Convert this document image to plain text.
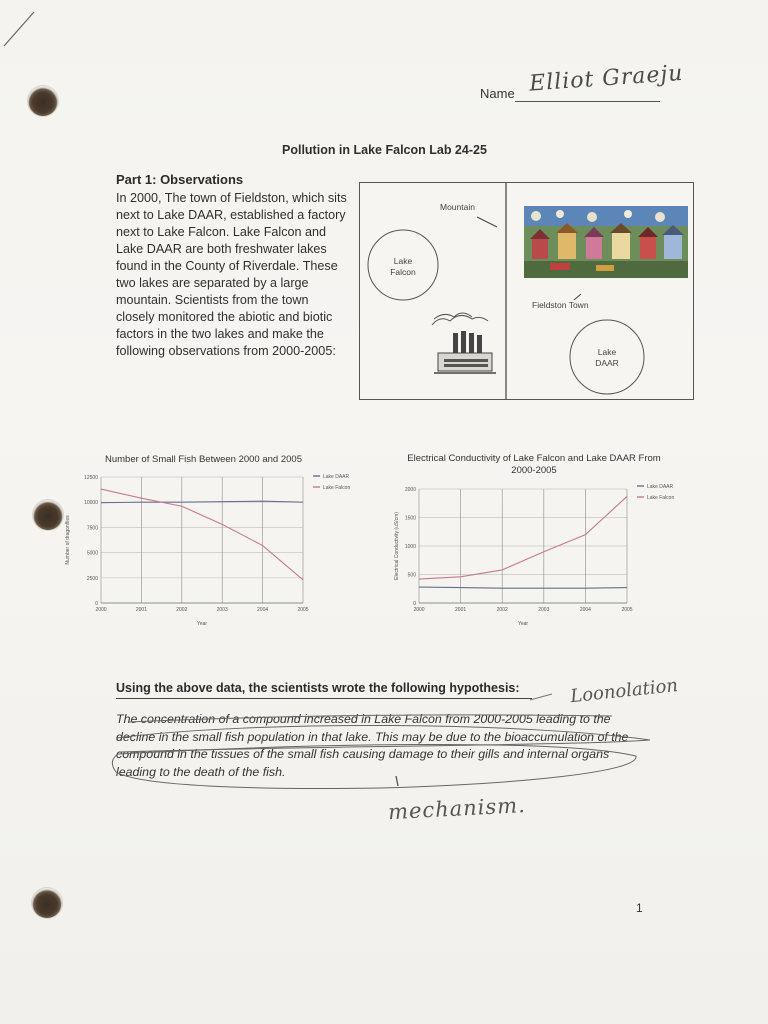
Name Elliot Graeju
Pollution in Lake Falcon Lab 24-25
Part 1: Observations
In 2000, The town of Fieldston, which sits
next to Lake DAAR, established a factory
next to Lake Falcon. Lake Falcon and
Lake DAAR are both freshwater lakes
found in the County of Riverdale. These
two lakes are separated by a large
mountain. Scientists from the town
closely monitored the abiotic and biotic
factors in the two lakes and make the
following observations from 2000-2005:
Mountain
Lake
Falcon
Fieldston Town
Lake
DAAR
Number of Small Fish Between 2000 and 2005
0
2500
5000
7500
10000
12500
2000	2001	2002	2003	2004	2005
Year
Number of dragonflies
Lake DAAR
Lake Falcon
Electrical Conductivity of Lake Falcon and Lake DAAR From
2000-2005
0
500
1000
1500
2000
2000	2001	2002	2003	2004	2005
Year
Electrical Conductivity (uS/cm)
Lake DAAR
Lake Falcon
Using the above data, the scientists wrote the following hypothesis:
The concentration of a compound increased in Lake Falcon from 2000-2005 leading to the
decline in the small fish population in that lake. This may be due to the bioaccumulation of the
compound in the tissues of the small fish causing damage to their gills and internal organs
leading to the death of the fish.
Loonolation
mechanism.
1
